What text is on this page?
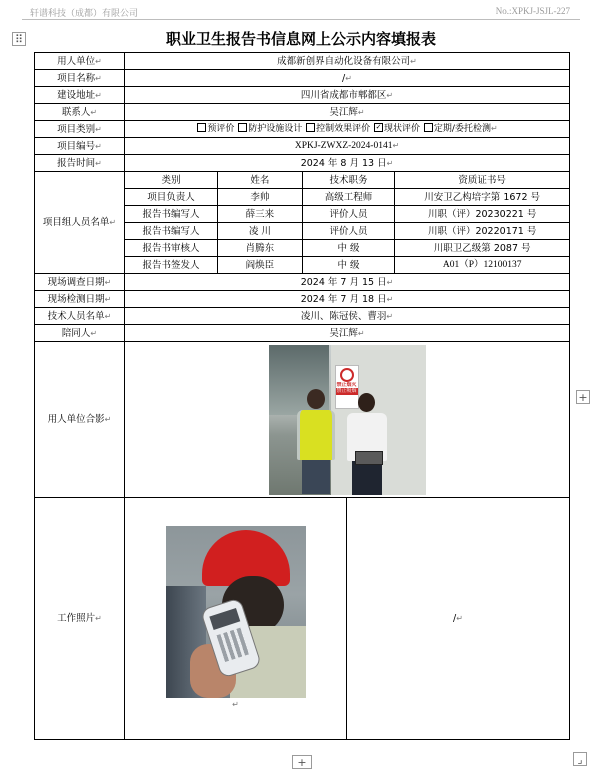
轩谱科技（成都）有限公司	No.:XPKJ-JSJL-227
⠿
+
+	⌟
职业卫生报告书信息网上公示内容填报表
用人单位↵	成都新创界自动化设备有限公司↵
项目名称↵	/↵
建设地址↵	四川省成都市郫都区↵
联系人↵	吴江辉↵
项目类别↵	预评价 防护设施设计 控制效果评价 ✓ 现状评价 定期/委托检测↵
项目编号↵	XPKJ-ZWXZ-2024-0141↵
报告时间↵	2024 年 8 月 13 日↵
项目组人员名单↵	
类别	姓名	技术职务	资质证书号
项目负责人	李帅	高级工程师	川安卫乙构培字第 1672 号
报告书编写人	薛三来	评价人员	川职（评）20230221 号
报告书编写人	凌 川	评价人员	川职（评）20220171 号
报告书审核人	肖腾东	中 级	川职卫乙级第 2087 号
报告书签发人	阎焕臣	中 级	A01（P）12100137

现场调查日期↵	2024 年 7 月 15 日↵
现场检测日期↵	2024 年 7 月 18 日↵
技术人员名单↵	凌川、陈冠侯、曹羽↵
陪同人↵	吴江辉↵
用人单位合影↵	
禁止烟火
禁止吸烟

工作照片↵	
↵	/↵
